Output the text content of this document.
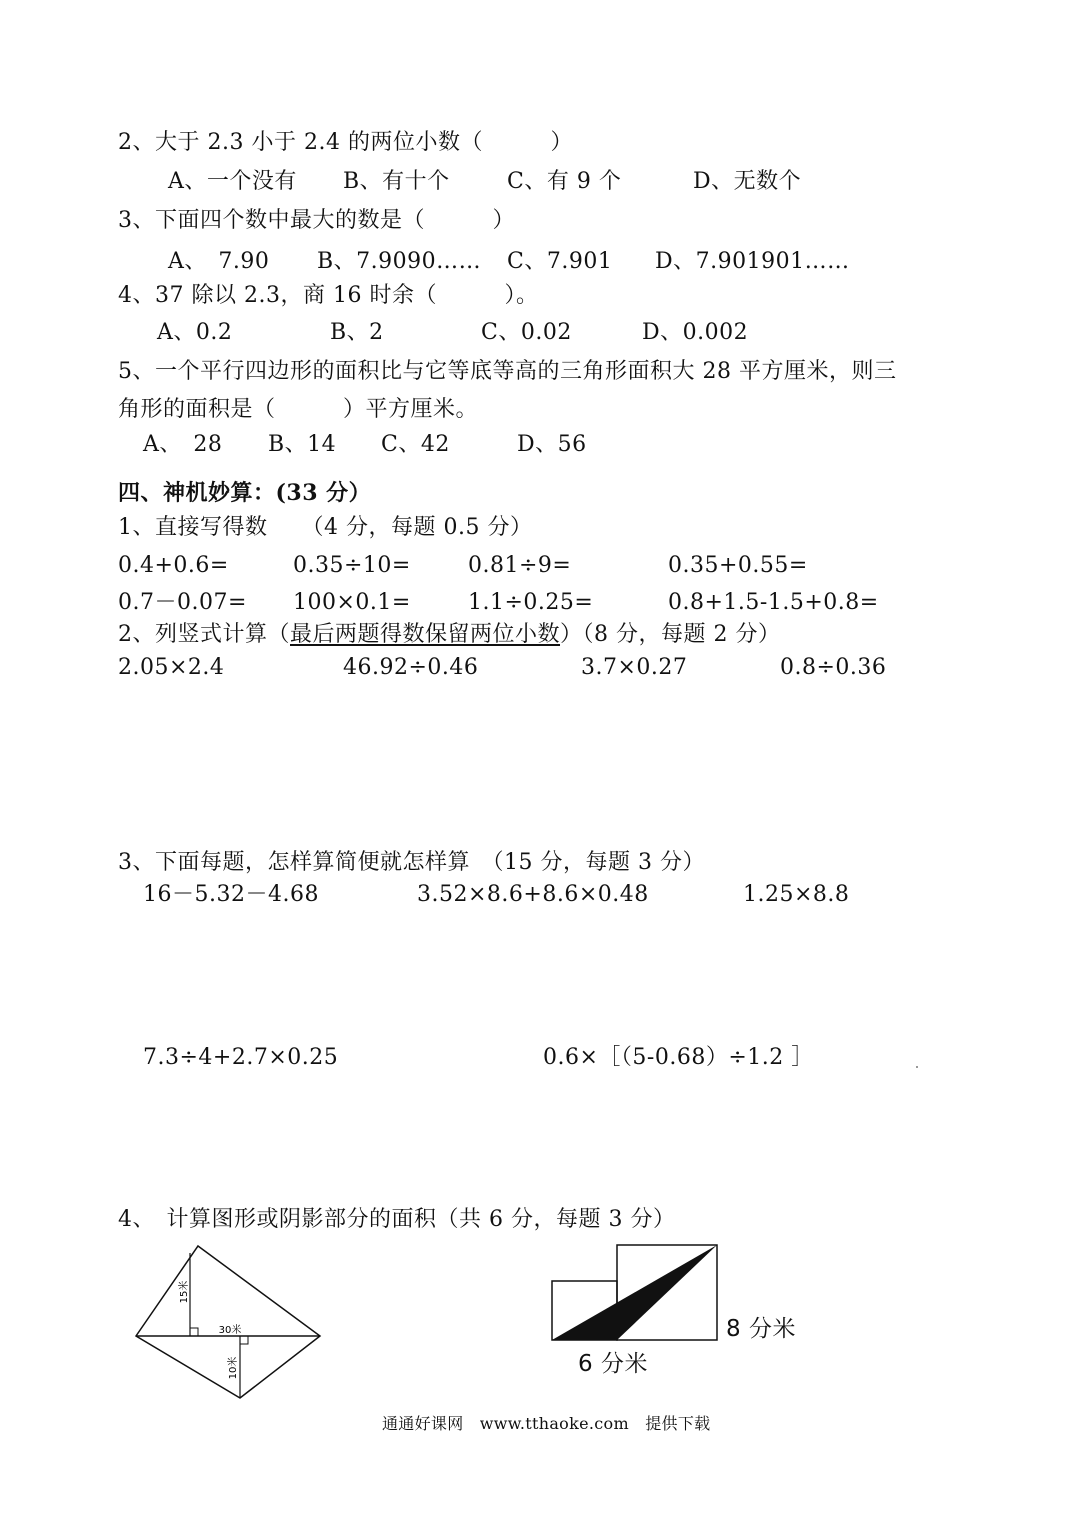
2、大于 2.3 小于 2.4 的两位小数（　　　）
A、一个没有 B、有十个	C、有 9 个	D、无数个
3、下面四个数中最大的数是（　　　）
A、　7.90 B、7.9090…… C、7.901 D、7.901901……
4、37 除以 2.3，商 16 时余（　　　）。
A、0.2	B、2	C、0.02	D、0.002
5、一个平行四边形的面积比与它等底等高的三角形面积大 28 平方厘米，则三
角形的面积是（　　　）平方厘米。
A、　28 B、14 C、42	D、56
四、神机妙算：(33 分）
1、直接写得数　　（4 分，每题 0.5 分）
0.4+0.6=	0.35÷10=	0.81÷9=	0.35+0.55=
0.7－0.07= 100×0.1=	1.1÷0.25=	0.8+1.5-1.5+0.8=
2、列竖式计算（最后两题得数保留两位小数）（8 分，每题 2 分）
2.05×2.4	46.92÷0.46	3.7×0.27	0.8÷0.36
3、下面每题，怎样算简便就怎样算　（15 分，每题 3 分）
16－5.32－4.68	3.52×8.6+8.6×0.48	1.25×8.8
7.3÷4+2.7×0.25	0.6×［（5-0.68）÷1.2 ］
4、　计算图形或阴影部分的面积（共 6 分，每题 3 分）
15米
30米
10米
8 分米
6 分米
通通好课网　www.tthaoke.com　提供下载
